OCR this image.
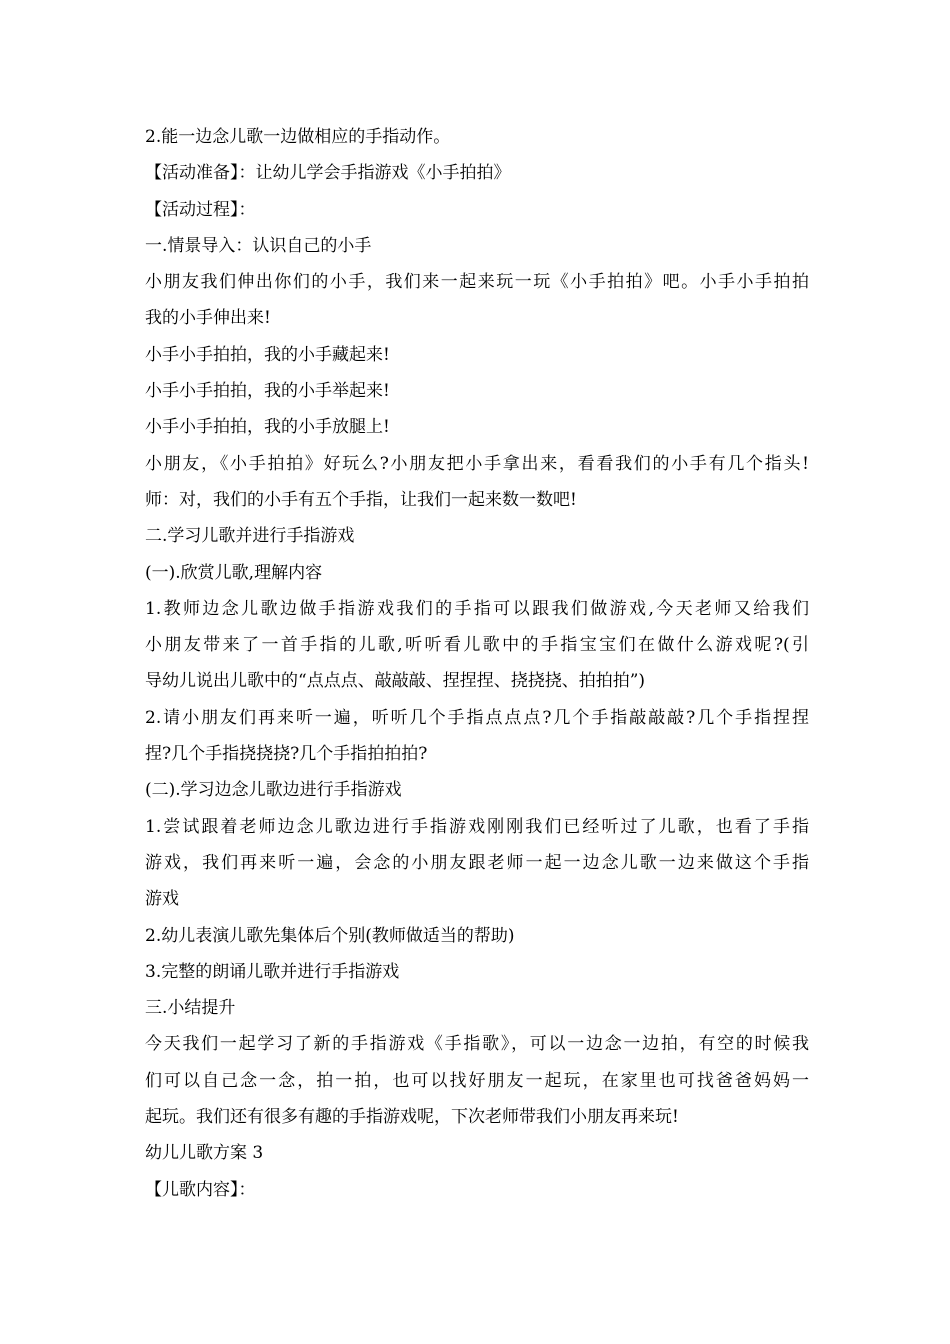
2.能一边念儿歌一边做相应的手指动作。
【活动准备】：让幼儿学会手指游戏《小手拍拍》
【活动过程】：
一.情景导入：认识自己的小手
小朋友我们伸出你们的小手，我们来一起来玩一玩《小手拍拍》吧。小手小手拍拍
我的小手伸出来!
小手小手拍拍，我的小手藏起来!
小手小手拍拍，我的小手举起来!
小手小手拍拍，我的小手放腿上!
小朋友，《小手拍拍》好玩么?小朋友把小手拿出来，看看我们的小手有几个指头!
师：对，我们的小手有五个手指，让我们一起来数一数吧!
二.学习儿歌并进行手指游戏
(一).欣赏儿歌,理解内容
1.教师边念儿歌边做手指游戏我们的手指可以跟我们做游戏,今天老师又给我们
小朋友带来了一首手指的儿歌,听听看儿歌中的手指宝宝们在做什么游戏呢?(引
导幼儿说出儿歌中的“点点点、敲敲敲、捏捏捏、挠挠挠、拍拍拍”)
2.请小朋友们再来听一遍，听听几个手指点点点?几个手指敲敲敲?几个手指捏捏
捏?几个手指挠挠挠?几个手指拍拍拍?
(二).学习边念儿歌边进行手指游戏
1.尝试跟着老师边念儿歌边进行手指游戏刚刚我们已经听过了儿歌，也看了手指
游戏，我们再来听一遍，会念的小朋友跟老师一起一边念儿歌一边来做这个手指
游戏
2.幼儿表演儿歌先集体后个别(教师做适当的帮助)
3.完整的朗诵儿歌并进行手指游戏
三.小结提升
今天我们一起学习了新的手指游戏《手指歌》，可以一边念一边拍，有空的时候我
们可以自己念一念，拍一拍，也可以找好朋友一起玩，在家里也可找爸爸妈妈一
起玩。我们还有很多有趣的手指游戏呢，下次老师带我们小朋友再来玩!
幼儿儿歌方案 3
【儿歌内容】：
